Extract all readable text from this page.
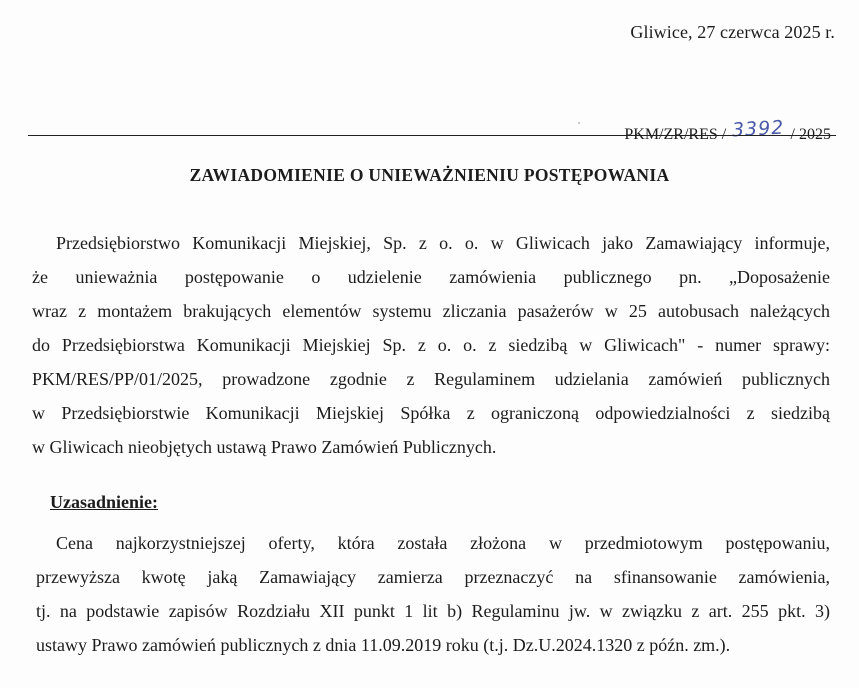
Gliwice, 27 czerwca 2025 r.
PKM/ZR/RES / 3392 / 2025
ZAWIADOMIENIE O UNIEWAŻNIENIU POSTĘPOWANIA
Przedsiębiorstwo Komunikacji Miejskiej, Sp. z o. o. w Gliwicach jako Zamawiający informuje,
że unieważnia postępowanie o udzielenie zamówienia publicznego pn. „Doposażenie
wraz z montażem brakujących elementów systemu zliczania pasażerów w 25 autobusach należących
do Przedsiębiorstwa Komunikacji Miejskiej Sp. z o. o. z siedzibą w Gliwicach" - numer sprawy:
PKM/RES/PP/01/2025, prowadzone zgodnie z Regulaminem udzielania zamówień publicznych
w Przedsiębiorstwie Komunikacji Miejskiej Spółka z ograniczoną odpowiedzialności z siedzibą
w Gliwicach nieobjętych ustawą Prawo Zamówień Publicznych.
Uzasadnienie:
Cena najkorzystniejszej oferty, która została złożona w przedmiotowym postępowaniu,
przewyższa kwotę jaką Zamawiający zamierza przeznaczyć na sfinansowanie zamówienia,
tj. na podstawie zapisów Rozdziału XII punkt 1 lit b) Regulaminu jw. w związku z art. 255 pkt. 3)
ustawy Prawo zamówień publicznych z dnia 11.09.2019 roku (t.j. Dz.U.2024.1320 z późn. zm.).
